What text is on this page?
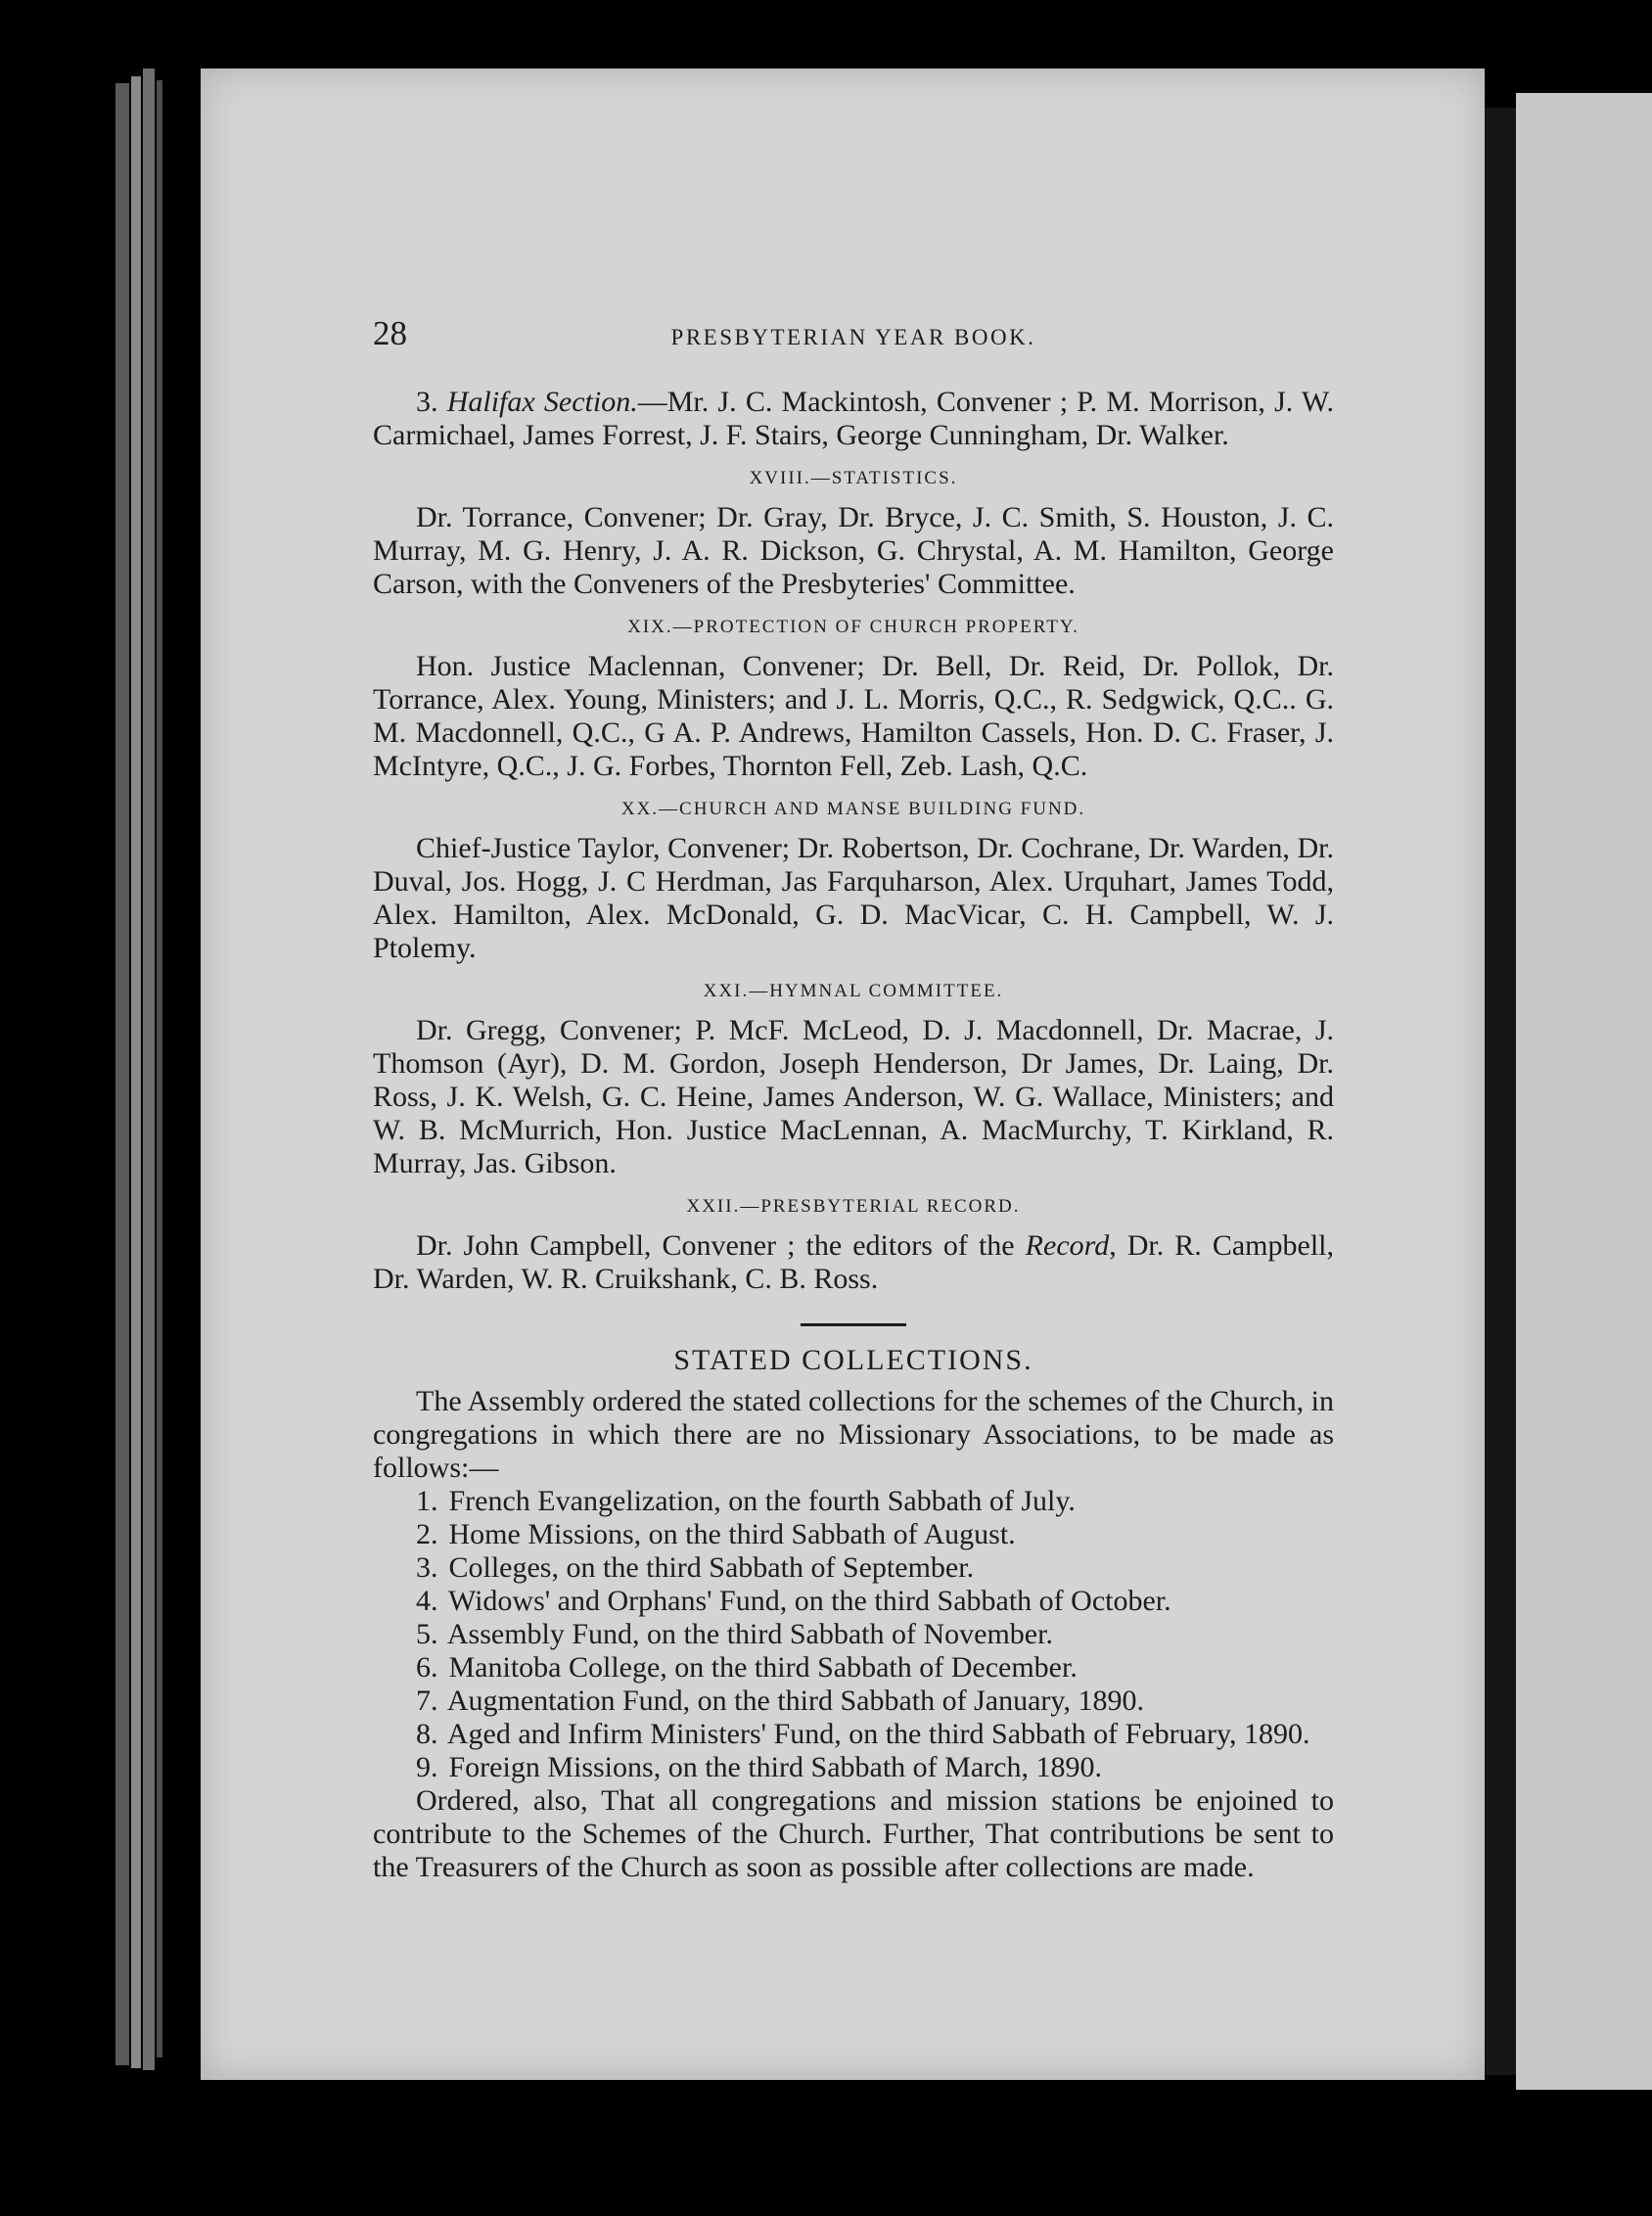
28	PRESBYTERIAN YEAR BOOK.

3. Halifax Section.—Mr. J. C. Mackintosh, Convener ; P. M. Morrison, J. W. Carmichael, James Forrest, J. F. Stairs, George Cunningham, Dr. Walker.

XVIII.—STATISTICS.

Dr. Torrance, Convener; Dr. Gray, Dr. Bryce, J. C. Smith, S. Houston, J. C. Murray, M. G. Henry, J. A. R. Dickson, G. Chrystal, A. M. Hamilton, George Carson, with the Conveners of the Presbyteries' Committee.

XIX.—PROTECTION OF CHURCH PROPERTY.

Hon. Justice Maclennan, Convener; Dr. Bell, Dr. Reid, Dr. Pollok, Dr. Torrance, Alex. Young, Ministers; and J. L. Morris, Q.C., R. Sedgwick, Q.C.. G. M. Macdonnell, Q.C., G A. P. Andrews, Hamilton Cassels, Hon. D. C. Fraser, J. McIntyre, Q.C., J. G. Forbes, Thornton Fell, Zeb. Lash, Q.C.

XX.—CHURCH AND MANSE BUILDING FUND.

Chief-Justice Taylor, Convener; Dr. Robertson, Dr. Cochrane, Dr. Warden, Dr. Duval, Jos. Hogg, J. C Herdman, Jas Farquharson, Alex. Urquhart, James Todd, Alex. Hamilton, Alex. McDonald, G. D. MacVicar, C. H. Campbell, W. J. Ptolemy.

XXI.—HYMNAL COMMITTEE.

Dr. Gregg, Convener; P. McF. McLeod, D. J. Macdonnell, Dr. Macrae, J. Thomson (Ayr), D. M. Gordon, Joseph Henderson, Dr James, Dr. Laing, Dr. Ross, J. K. Welsh, G. C. Heine, James Anderson, W. G. Wallace, Ministers; and W. B. McMurrich, Hon. Justice MacLennan, A. MacMurchy, T. Kirkland, R. Murray, Jas. Gibson.

XXII.—PRESBYTERIAL RECORD.

Dr. John Campbell, Convener ; the editors of the Record, Dr. R. Campbell, Dr. Warden, W. R. Cruikshank, C. B. Ross.

STATED COLLECTIONS.

The Assembly ordered the stated collections for the schemes of the Church, in congregations in which there are no Missionary Associations, to be made as follows:—

1. French Evangelization, on the fourth Sabbath of July.
2. Home Missions, on the third Sabbath of August.
3. Colleges, on the third Sabbath of September.
4. Widows' and Orphans' Fund, on the third Sabbath of October.
5. Assembly Fund, on the third Sabbath of November.
6. Manitoba College, on the third Sabbath of December.
7. Augmentation Fund, on the third Sabbath of January, 1890.
8. Aged and Infirm Ministers' Fund, on the third Sabbath of February, 1890.
9. Foreign Missions, on the third Sabbath of March, 1890.

Ordered, also, That all congregations and mission stations be enjoined to contribute to the Schemes of the Church. Further, That contributions be sent to the Treasurers of the Church as soon as possible after collections are made.
